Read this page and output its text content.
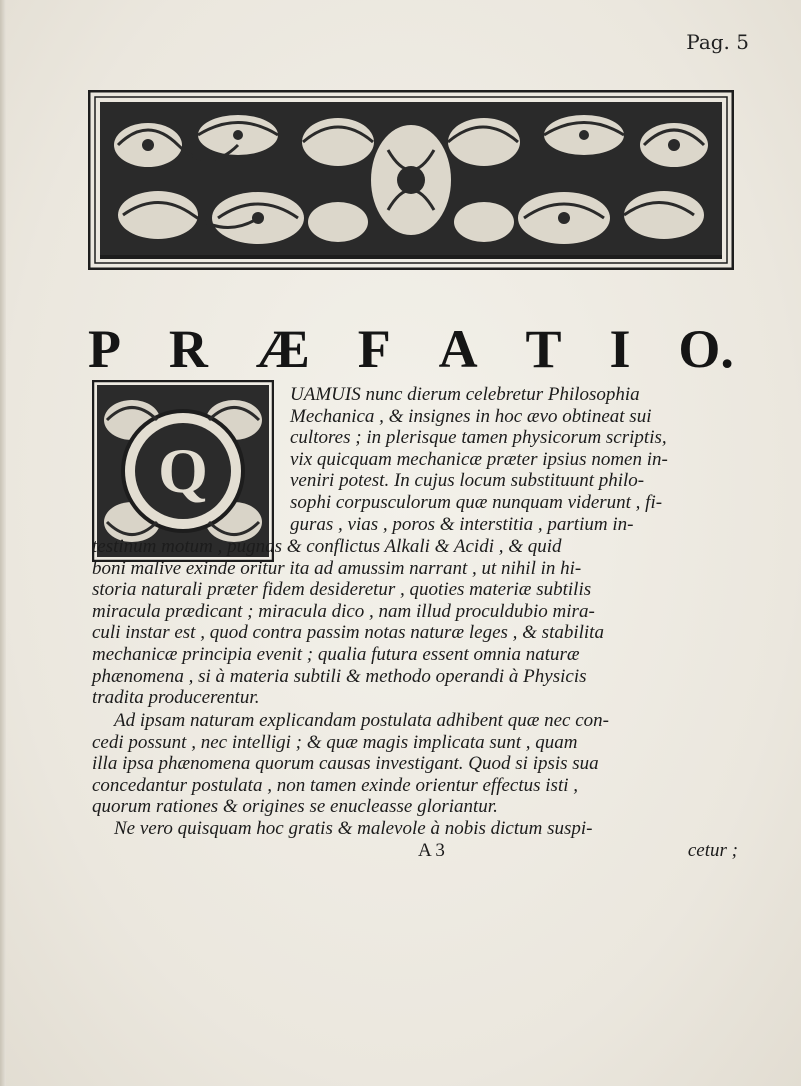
Pag. 5
P R Æ F A T I O.
Q
UAMUIS nunc dierum celebretur Philosophia
Mechanica , & insignes in hoc ævo obtineat sui
cultores ; in plerisque tamen physicorum scriptis,
vix quicquam mechanicæ præter ipsius nomen in-
veniri potest. In cujus locum substituunt philo-
sophi corpusculorum quæ nunquam viderunt , fi-
guras , vias , poros & interstitia , partium in-
testinum motum , pugnas & conflictus Alkali & Acidi , & quid
boni malive exinde oritur ita ad amussim narrant , ut nihil in hi-
storia naturali præter fidem desideretur , quoties materiæ subtilis
miracula prædicant ; miracula dico , nam illud proculdubio mira-
culi instar est , quod contra passim notas naturæ leges , & stabilita
mechanicæ principia evenit ; qualia futura essent omnia naturæ
phænomena , si à materia subtili & methodo operandi à Physicis
tradita producerentur.
Ad ipsam naturam explicandam postulata adhibent quæ nec con-
cedi possunt , nec intelligi ; & quæ magis implicata sunt , quam
illa ipsa phænomena quorum causas investigant. Quod si ipsis sua
concedantur postulata , non tamen exinde orientur effectus isti ,
quorum rationes & origines se enucleasse gloriantur.
Ne vero quisquam hoc gratis & malevole à nobis dictum suspi-
A 3	cetur ;
